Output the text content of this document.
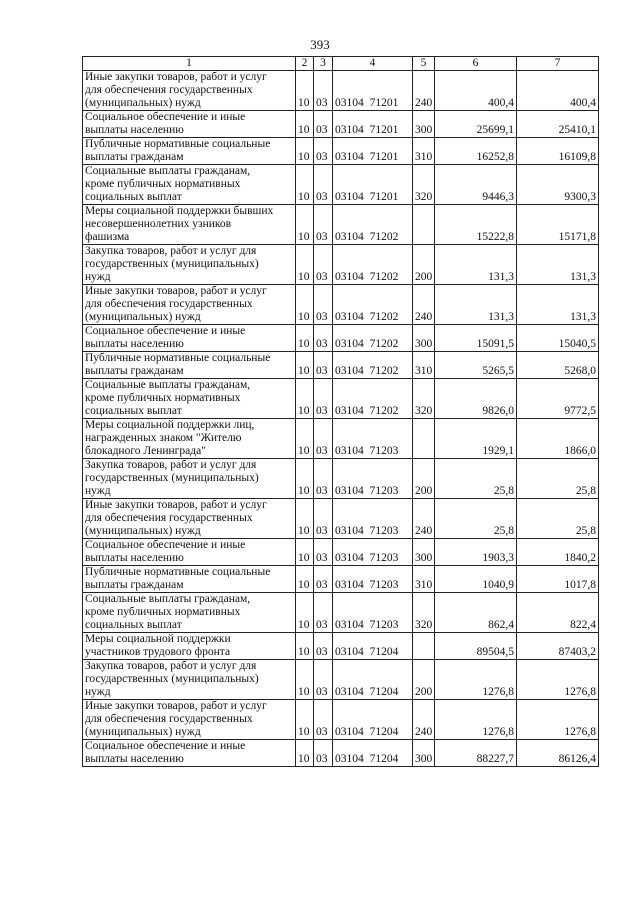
393
1	2	3	4	5	6	7

Иные закупки товаров, работ и услуг
для обеспечения государственных
(муниципальных) нужд	10	03	03104 71201	240	400,4	400,4

Социальное обеспечение и иные
выплаты населению	10	03	03104 71201	300	25699,1	25410,1

Публичные нормативные социальные
выплаты гражданам	10	03	03104 71201	310	16252,8	16109,8

Социальные выплаты гражданам,
кроме публичных нормативных
социальных выплат	10	03	03104 71201	320	9446,3	9300,3

Меры социальной поддержки бывших
несовершеннолетних узников
фашизма	10	03	03104 71202		15222,8	15171,8

Закупка товаров, работ и услуг для
государственных (муниципальных)
нужд	10	03	03104 71202	200	131,3	131,3

Иные закупки товаров, работ и услуг
для обеспечения государственных
(муниципальных) нужд	10	03	03104 71202	240	131,3	131,3

Социальное обеспечение и иные
выплаты населению	10	03	03104 71202	300	15091,5	15040,5

Публичные нормативные социальные
выплаты гражданам	10	03	03104 71202	310	5265,5	5268,0

Социальные выплаты гражданам,
кроме публичных нормативных
социальных выплат	10	03	03104 71202	320	9826,0	9772,5

Меры социальной поддержки лиц,
награжденных знаком "Жителю
блокадного Ленинграда"	10	03	03104 71203		1929,1	1866,0

Закупка товаров, работ и услуг для
государственных (муниципальных)
нужд	10	03	03104 71203	200	25,8	25,8

Иные закупки товаров, работ и услуг
для обеспечения государственных
(муниципальных) нужд	10	03	03104 71203	240	25,8	25,8

Социальное обеспечение и иные
выплаты населению	10	03	03104 71203	300	1903,3	1840,2

Публичные нормативные социальные
выплаты гражданам	10	03	03104 71203	310	1040,9	1017,8

Социальные выплаты гражданам,
кроме публичных нормативных
социальных выплат	10	03	03104 71203	320	862,4	822,4

Меры социальной поддержки
участников трудового фронта	10	03	03104 71204		89504,5	87403,2

Закупка товаров, работ и услуг для
государственных (муниципальных)
нужд	10	03	03104 71204	200	1276,8	1276,8

Иные закупки товаров, работ и услуг
для обеспечения государственных
(муниципальных) нужд	10	03	03104 71204	240	1276,8	1276,8

Социальное обеспечение и иные
выплаты населению	10	03	03104 71204	300	88227,7	86126,4
